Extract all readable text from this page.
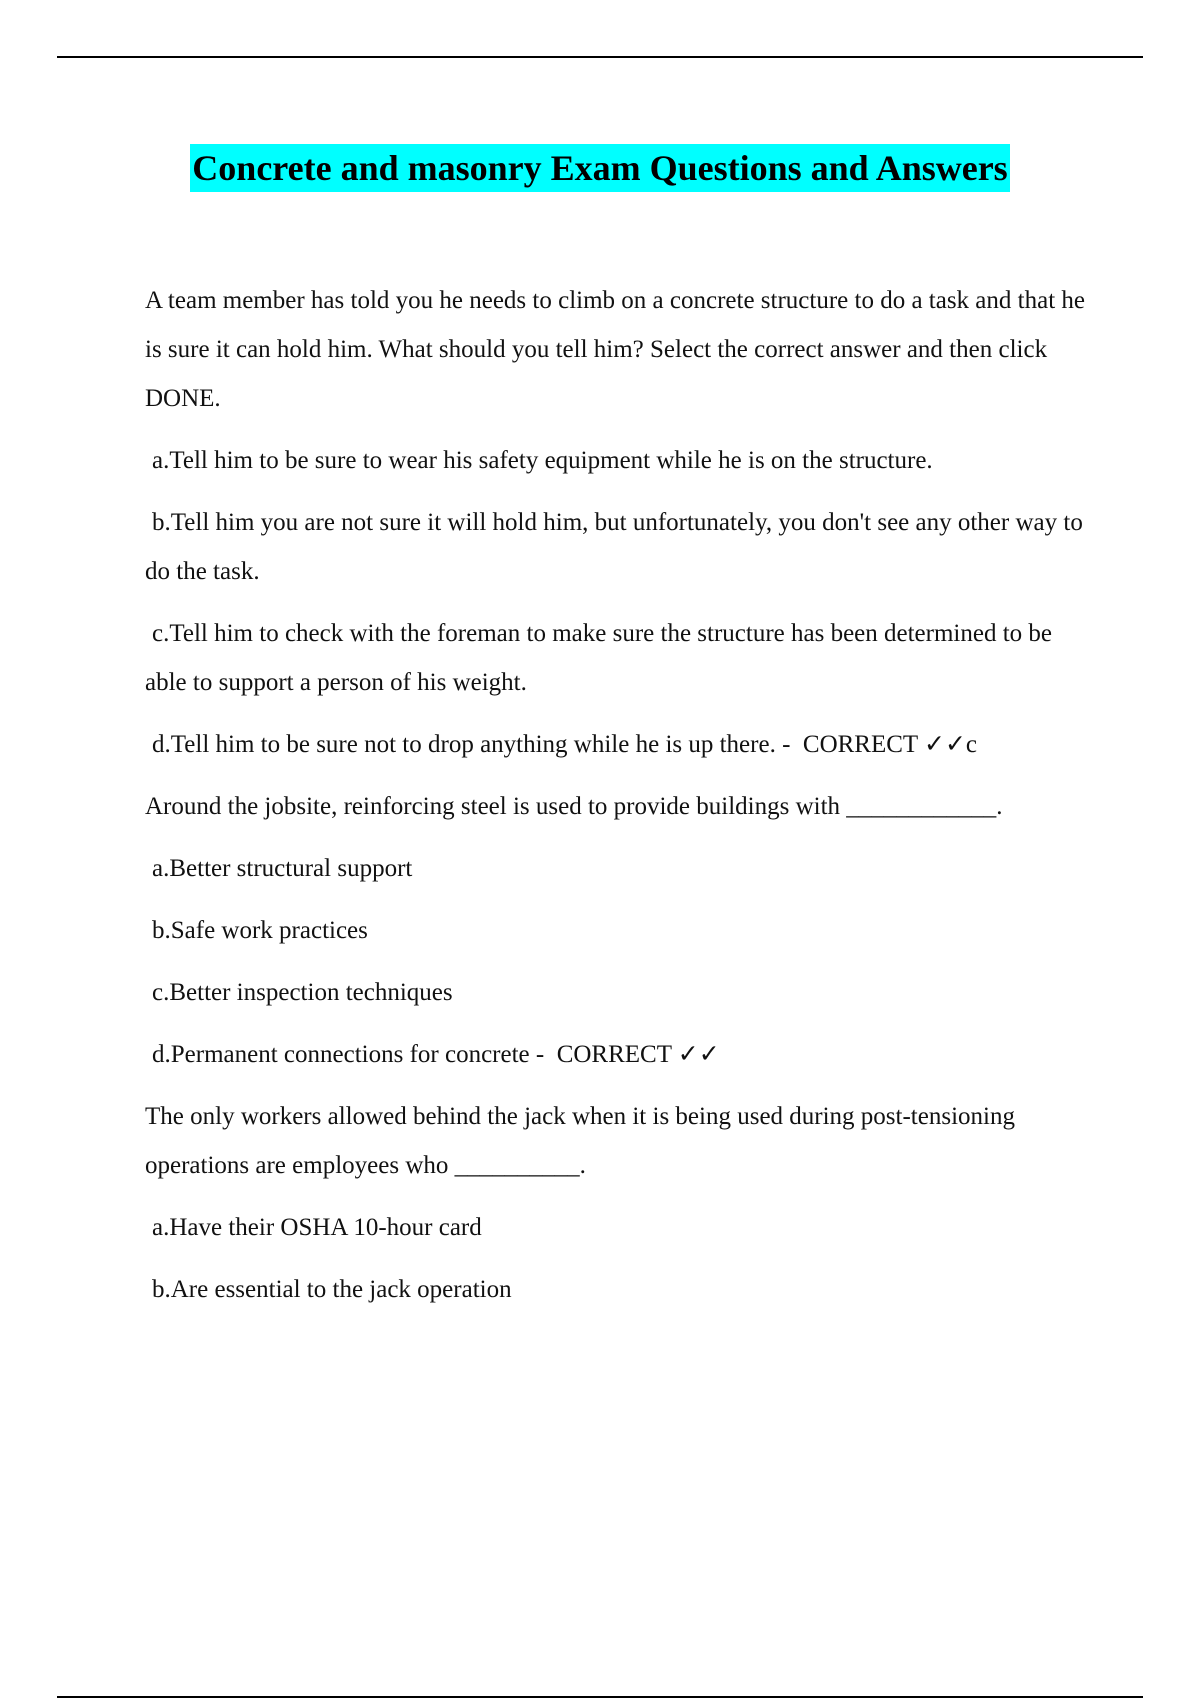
Concrete and masonry Exam Questions and Answers
A team member has told you he needs to climb on a concrete structure to do a task and that he is sure it can hold him. What should you tell him? Select the correct answer and then click DONE.
a.Tell him to be sure to wear his safety equipment while he is on the structure.
b.Tell him you are not sure it will hold him, but unfortunately, you don't see any other way to do the task.
c.Tell him to check with the foreman to make sure the structure has been determined to be able to support a person of his weight.
d.Tell him to be sure not to drop anything while he is up there. -  CORRECT ✓✓c
Around the jobsite, reinforcing steel is used to provide buildings with ____________.
a.Better structural support
b.Safe work practices
c.Better inspection techniques
d.Permanent connections for concrete -  CORRECT ✓✓
The only workers allowed behind the jack when it is being used during post-tensioning operations are employees who __________.
a.Have their OSHA 10-hour card
b.Are essential to the jack operation
